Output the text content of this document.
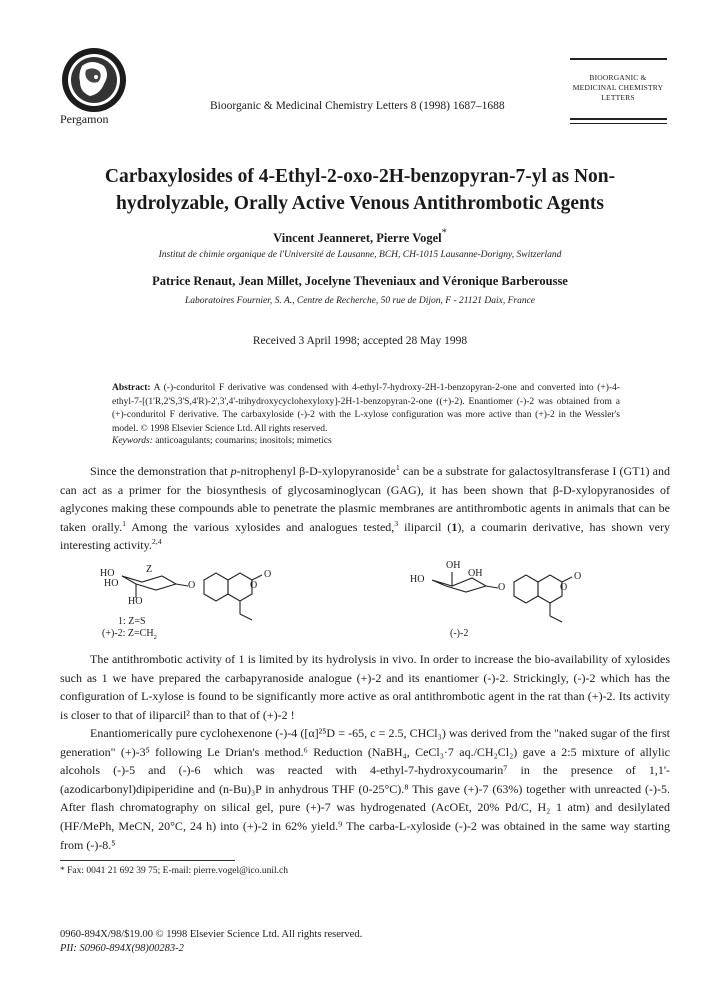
Pergamon
Bioorganic & Medicinal Chemistry Letters 8 (1998) 1687–1688
BIOORGANIC &
MEDICINAL CHEMISTRY
LETTERS
Carbaxylosides of 4-Ethyl-2-oxo-2H-benzopyran-7-yl as Non-
hydrolyzable, Orally Active Venous Antithrombotic Agents
Vincent Jeanneret, Pierre Vogel*
Institut de chimie organique de l'Université de Lausanne, BCH, CH-1015 Lausanne-Dorigny, Switzerland
Patrice Renaut, Jean Millet, Jocelyne Theveniaux and Véronique Barberousse
Laboratoires Fournier, S. A., Centre de Recherche, 50 rue de Dijon, F - 21121 Daix, France
Received 3 April 1998; accepted 28 May 1998
Abstract: A (-)-conduritol F derivative was condensed with 4-ethyl-7-hydroxy-2H-1-benzopyran-2-one and converted into (+)-4-ethyl-7-[(1'R,2'S,3'S,4'R)-2',3',4'-trihydroxycyclohexyloxy]-2H-1-benzopyran-2-one ((+)-2). Enantiomer (-)-2 was obtained from a (+)-conduritol F derivative. The carbaxyloside (-)-2 with the L-xylose configuration was more active than (+)-2 in the Wessler's model. © 1998 Elsevier Science Ltd. All rights reserved.
Keywords: anticoagulants; coumarins; inositols; mimetics
Since the demonstration that p-nitrophenyl β-D-xylopyranoside$^1$ can be a substrate for galactosyltransferase I (GT1) and can act as a primer for the biosynthesis of glycosaminoglycan (GAG), it has been shown that β-D-xylopyranosides of aglycones making these compounds able to penetrate the plasmic membranes are antithrombotic agents in animals that can be taken orally.$^1$ Among the various xylosides and analogues tested,$^3$ iliparcil (1), a coumarin derivative, has shown very interesting activity.$^{2,4}$
Z
HO
HO
HO
O	O
O
1: Z=S
(+)-2: $Z=CH_2$
HO
OH
OH
O	O
O
(-)-2
The antithrombotic activity of 1 is limited by its hydrolysis in vivo. In order to increase the bio-availability of xylosides such as 1 we have prepared the carbapyranoside analogue (+)-2 and its enantiomer (-)-2. Strickingly, (-)-2 which has the configuration of L-xylose is found to be significantly more active as oral antithrombotic agent in the rat than (+)-2. Its activity is closer to that of iliparcil² than to that of (+)-2 !
Enantiomerically pure cyclohexenone (-)-4 ([α]²⁵D = -65, c = 2.5, CHCl₃) was derived from the "naked sugar of the first generation" (+)-3⁵ following Le Drian's method.⁶ Reduction (NaBH₄, CeCl₃·7 aq./CH₂Cl₂) gave a 2:5 mixture of allylic alcohols (-)-5 and (-)-6 which was reacted with 4-ethyl-7-hydroxycoumarin⁷ in the presence of 1,1'-(azodicarbonyl)dipiperidine and (n-Bu)₃P in anhydrous THF (0-25°C).⁸ This gave (+)-7 (63%) together with unreacted (-)-5. After flash chromatography on silical gel, pure (+)-7 was hydrogenated (AcOEt, 20% Pd/C, H₂ 1 atm) and desilylated (HF/MePh, MeCN, 20°C, 24 h) into (+)-2 in 62% yield.⁹ The carba-L-xyloside (-)-2 was obtained in the same way starting from (-)-8.⁵
* Fax: 0041 21 692 39 75; E-mail: pierre.vogel@ico.unil.ch
0960-894X/98/$19.00 © 1998 Elsevier Science Ltd. All rights reserved.
PII: S0960-894X(98)00283-2
